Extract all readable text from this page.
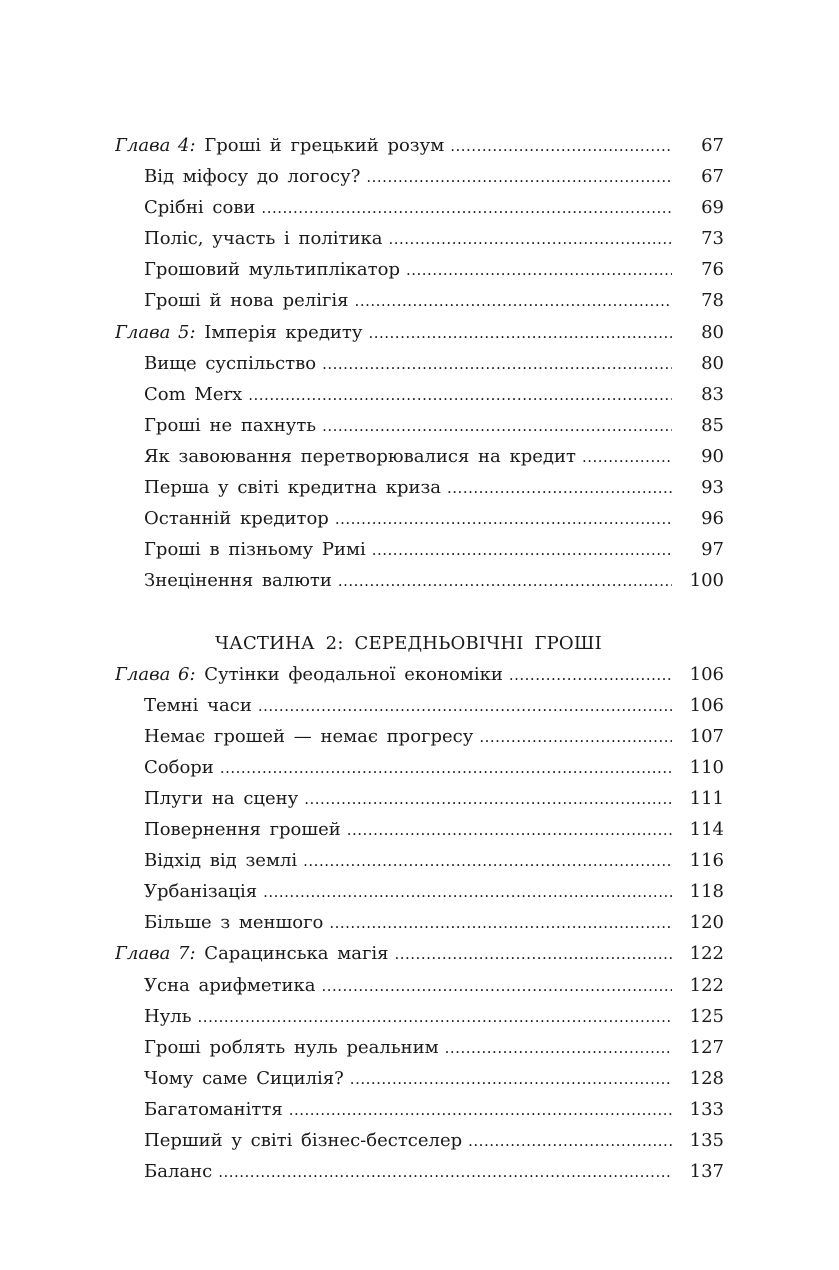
Глава 4: Гроші й грецький розум .....	67
Від міфосу до логосу? .....	67
Срібні сови .....	69
Поліс, участь і політика .....	73
Грошовий мультиплікатор .....	76
Гроші й нова релігія .....	78
Глава 5: Імперія кредиту .....	80
Вище суспільство .....	80
Com Merx .....	83
Гроші не пахнуть .....	85
Як завоювання перетворювалися на кредит .....	90
Перша у світі кредитна криза .....	93
Останній кредитор .....	96
Гроші в пізньому Римі .....	97
Знецінення валюти .....	100
ЧАСТИНА 2: СЕРЕДНЬОВІЧНІ ГРОШІ
Глава 6: Сутінки феодальної економіки .....	106
Темні часи .....	106
Немає грошей — немає прогресу .....	107
Собори .....	110
Плуги на сцену .....	111
Повернення грошей .....	114
Відхід від землі .....	116
Урбанізація .....	118
Більше з меншого .....	120
Глава 7: Сарацинська магія .....	122
Усна арифметика .....	122
Нуль .....	125
Гроші роблять нуль реальним .....	127
Чому саме Сицилія? .....	128
Багатоманіття .....	133
Перший у світі бізнес-бестселер .....	135
Баланс .....	137
